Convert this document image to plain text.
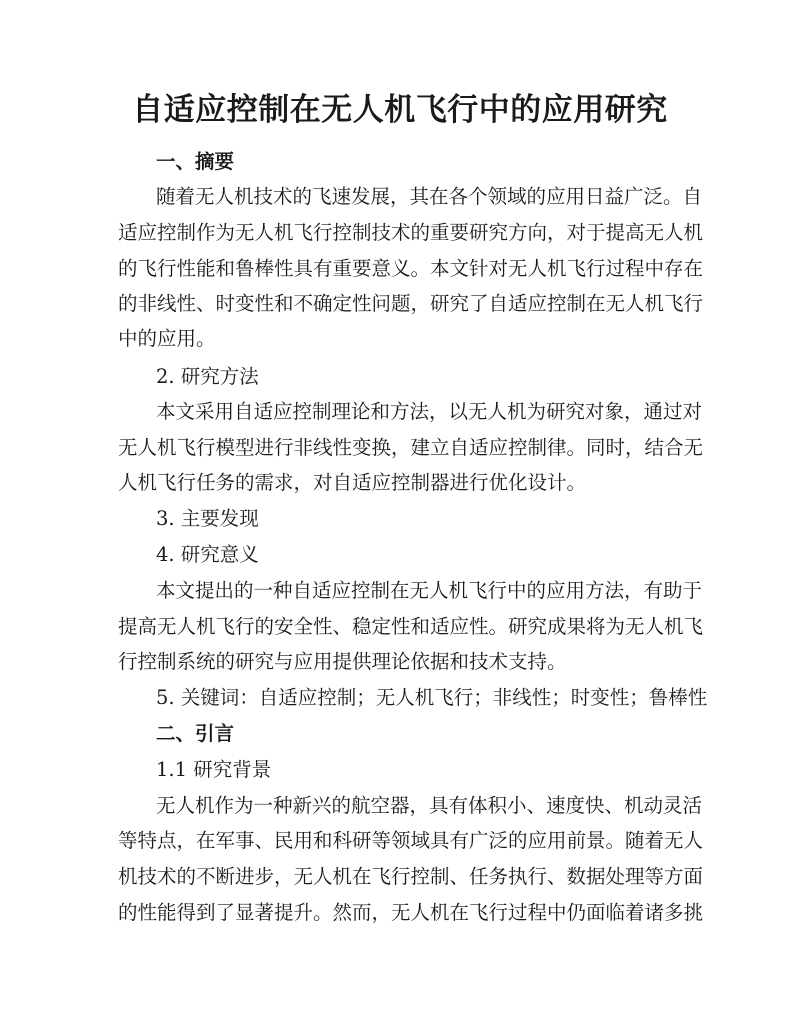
自适应控制在无人机飞行中的应用研究
一、摘要
随着无人机技术的飞速发展，其在各个领域的应用日益广泛。自
适应控制作为无人机飞行控制技术的重要研究方向，对于提高无人机
的飞行性能和鲁棒性具有重要意义。本文针对无人机飞行过程中存在
的非线性、时变性和不确定性问题，研究了自适应控制在无人机飞行
中的应用。
2. 研究方法
本文采用自适应控制理论和方法，以无人机为研究对象，通过对
无人机飞行模型进行非线性变换，建立自适应控制律。同时，结合无
人机飞行任务的需求，对自适应控制器进行优化设计。
3. 主要发现
4. 研究意义
本文提出的一种自适应控制在无人机飞行中的应用方法，有助于
提高无人机飞行的安全性、稳定性和适应性。研究成果将为无人机飞
行控制系统的研究与应用提供理论依据和技术支持。
5. 关键词：自适应控制；无人机飞行；非线性；时变性；鲁棒性
二、引言
1.1 研究背景
无人机作为一种新兴的航空器，具有体积小、速度快、机动灵活
等特点，在军事、民用和科研等领域具有广泛的应用前景。随着无人
机技术的不断进步，无人机在飞行控制、任务执行、数据处理等方面
的性能得到了显著提升。然而，无人机在飞行过程中仍面临着诸多挑
